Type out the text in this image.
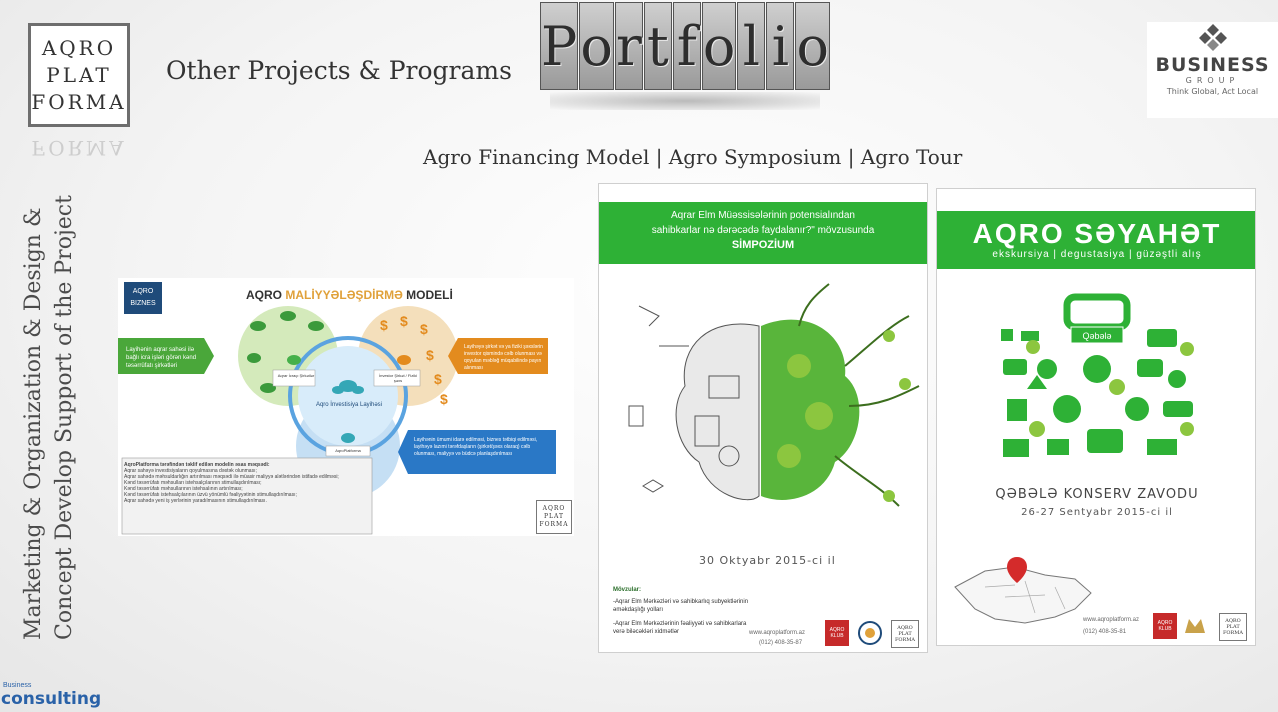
AQRO
PLAT
FORMA
FORMA
Other Projects & Programs P o r t f o l i o	BUSINESS
GROUP
Think Global, Act Local
Agro Financing Model | Agro Symposium | Agro Tour
Marketing & Organization & Design & Concept Develop Support of the Project	AQRO BIZNES
AQRO MALİYYƏLƏŞDİRMƏ MODELİ
$ $ $
$
$
$
Layihənin aqrar sahəsi ilə bağlı icra işləri görən kənd təsərrüfatı şirkətləri
Layihəyə şirkət və ya fiziki şəxslərin investor qismində cəlb olunması və qoyulan məbləğ müqabilində payın alınması
Layihənin ümumi idarə edilməsi, biznes tətbiqi edilməsi, layihəyə lazımi tərəfdaşların (şirkət/şəxs olaraq) cəlb olunması, maliyyə və büdcə planlaşdırılması
Aqrar İcraçı Şirkətlər	İnvestor Şirkət / Fiziki şəxs
Aqro İnvestisiya Layihəsi
AqroPlatforma
AqroPlatforma tərəfindən təklif edilən modelin əsas məqsədi:
Aqrar sahəyə investisiyaların qoyulmasına dəstək olunması;
Aqrar sahədə məhsuldarlığın artırılması məqsədi ilə müasir maliyyə alətlərindən istifadə edilməsi;
Kənd təsərrüfatı məhsulları istehsalçılarının stimullaşdırılması;
Kənd təsərrüfatı məhsullarının istehsalının artırılması;
Kənd təsərrüfatı istehsalçılarının üzvü yönümlü fəaliyyətinin stimullaşdırılması;
Aqrar sahədə yeni iş yerlərinin yaradılmasının stimullaşdırılması.
AQRO
PLAT
FORMA
Aqrar Elm Müəssisələrinin potensialından
sahibkarlar nə dərəcədə faydalanır?" mövzusunda
SİMPOZİUM
30 Oktyabr 2015-ci il
Mövzular:
-Aqrar Elm Mərkəzləri və sahibkarlıq subyektlərinin əməkdaşlığı yolları
-Aqrar Elm Mərkəzlərinin fəaliyyəti və sahibkarlara verə biləcəkləri xidmətlər	www.aqroplatform.az
(012) 408-35-87
AQRO KLUB
AQRO
PLAT
FORMA
AQRO SƏYAHƏT
ekskursiya | degustasiya | güzəştli alış
Qəbələ
QƏBƏLƏ KONSERV ZAVODU
26-27 Sentyabr 2015-ci il
www.aqroplatform.az
(012) 408-35-81
AQRO KLUB
AQRO
PLAT
FORMA
Business
consulting
